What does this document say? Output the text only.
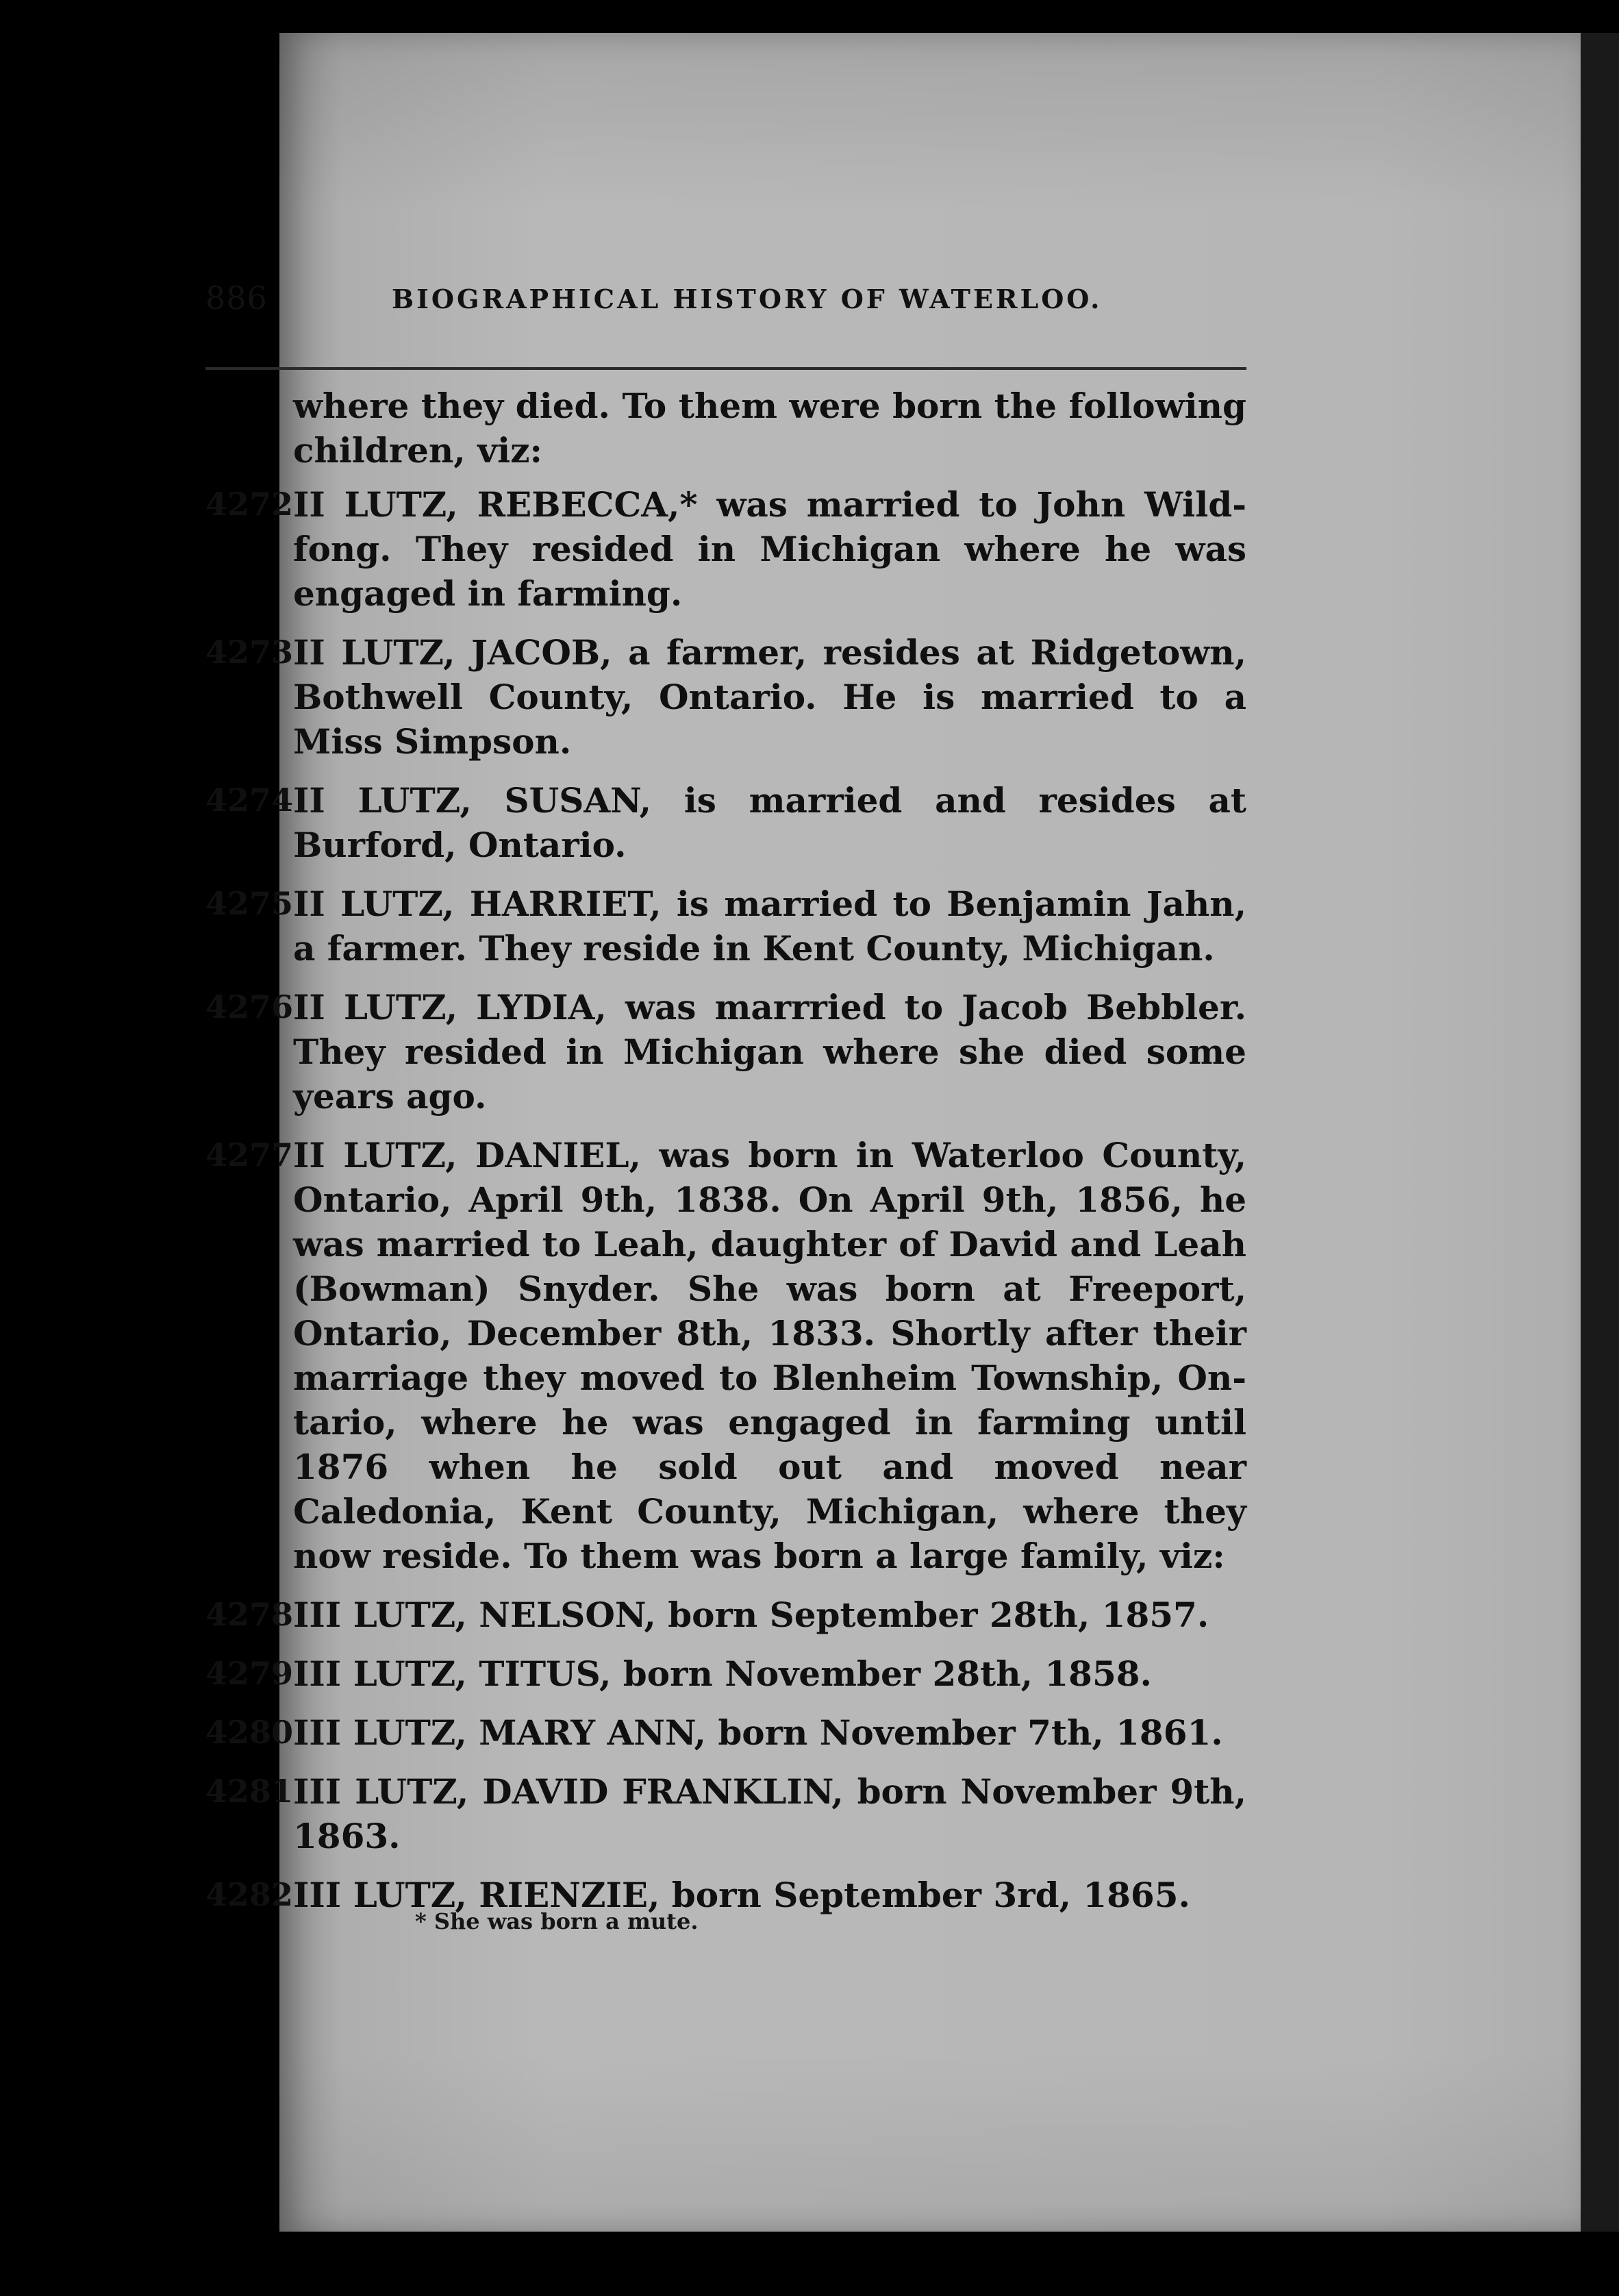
886	BIOGRAPHICAL HISTORY OF WATERLOO.

where they died. To them were born the following children, viz:

4272 II LUTZ, REBECCA,* was married to John Wild-fong. They resided in Michigan where he was engaged in farming.
4273 II LUTZ, JACOB, a farmer, resides at Ridgetown, Bothwell County, Ontario. He is married to a Miss Simpson.
4274 II LUTZ, SUSAN, is married and resides at Burford, Ontario.
4275 II LUTZ, HARRIET, is married to Benjamin Jahn, a farmer. They reside in Kent County, Michigan.
4276 II LUTZ, LYDIA, was marrried to Jacob Bebbler. They resided in Michigan where she died some years ago.
4277 II LUTZ, DANIEL, was born in Waterloo County, Ontario, April 9th, 1838. On April 9th, 1856, he was married to Leah, daughter of David and Leah (Bowman) Snyder. She was born at Freeport, Ontario, December 8th, 1833. Shortly after their marriage they moved to Blenheim Township, On-tario, where he was engaged in farming until 1876 when he sold out and moved near Caledonia, Kent County, Michigan, where they now reside. To them was born a large family, viz:
4278 III LUTZ, NELSON, born September 28th, 1857.
4279 III LUTZ, TITUS, born November 28th, 1858.
4280 III LUTZ, MARY ANN, born November 7th, 1861.
4281 III LUTZ, DAVID FRANKLIN, born November 9th, 1863.
4282 III LUTZ, RIENZIE, born September 3rd, 1865.
* She was born a mute.
